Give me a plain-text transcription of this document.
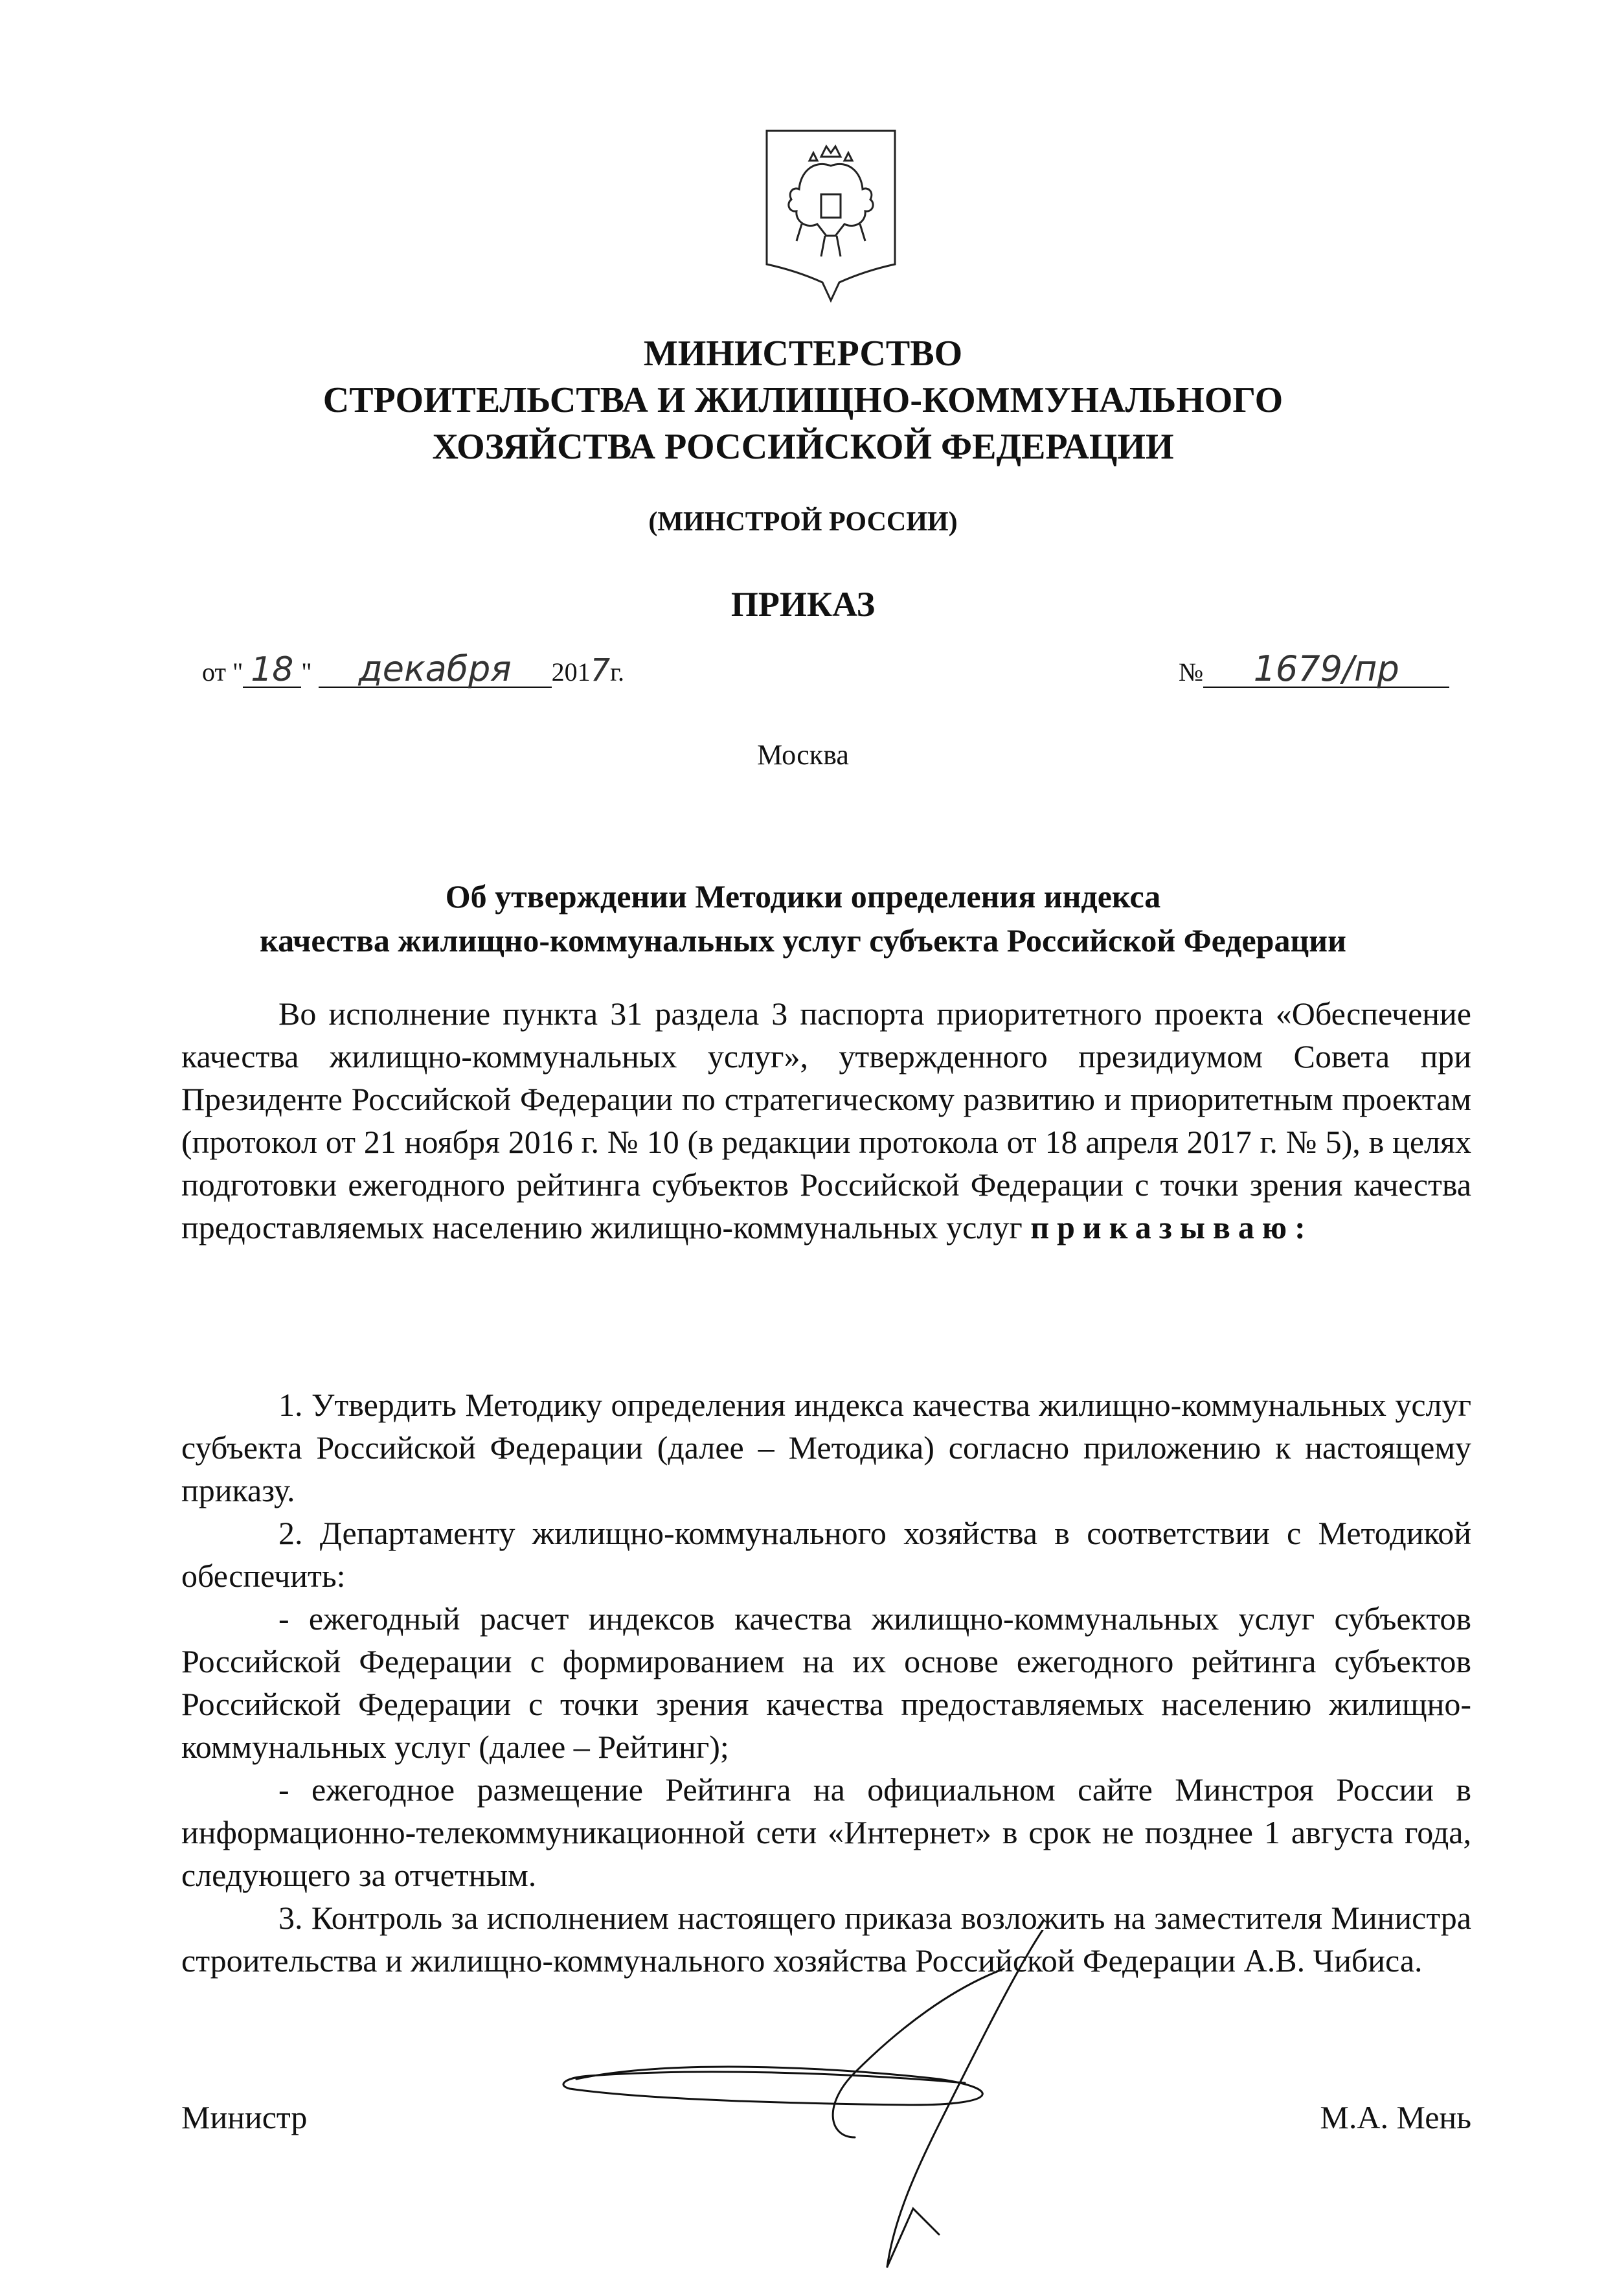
МИНИСТЕРСТВО
СТРОИТЕЛЬСТВА И ЖИЛИЩНО-КОММУНАЛЬНОГО
ХОЗЯЙСТВА РОССИЙСКОЙ ФЕДЕРАЦИИ
(МИНСТРОЙ РОССИИ)
ПРИКАЗ
от " 18 " декабря 2017г.	№ 1679/пр
Москва
Об утверждении Методики определения индекса
качества жилищно-коммунальных услуг субъекта Российской Федерации

Во исполнение пункта 31 раздела 3 паспорта приоритетного проекта «Обеспечение качества жилищно-коммунальных услуг», утвержденного президиумом Совета при Президенте Российской Федерации по стратегическому развитию и приоритетным проектам (протокол от 21 ноября 2016 г. № 10 (в редакции протокола от 18 апреля 2017 г. № 5), в целях подготовки ежегодного рейтинга субъектов Российской Федерации с точки зрения качества предоставляемых населению жилищно-коммунальных услуг приказываю:

1. Утвердить Методику определения индекса качества жилищно-коммунальных услуг субъекта Российской Федерации (далее – Методика) согласно приложению к настоящему приказу.

2. Департаменту жилищно-коммунального хозяйства в соответствии с Методикой обеспечить:

- ежегодный расчет индексов качества жилищно-коммунальных услуг субъектов Российской Федерации с формированием на их основе ежегодного рейтинга субъектов Российской Федерации с точки зрения качества предоставляемых населению жилищно-коммунальных услуг (далее – Рейтинг);

- ежегодное размещение Рейтинга на официальном сайте Минстроя России в информационно-телекоммуникационной сети «Интернет» в срок не позднее 1 августа года, следующего за отчетным.

3. Контроль за исполнением настоящего приказа возложить на заместителя Министра строительства и жилищно-коммунального хозяйства Российской Федерации А.В. Чибиса.

Министр	М.А. Мень
